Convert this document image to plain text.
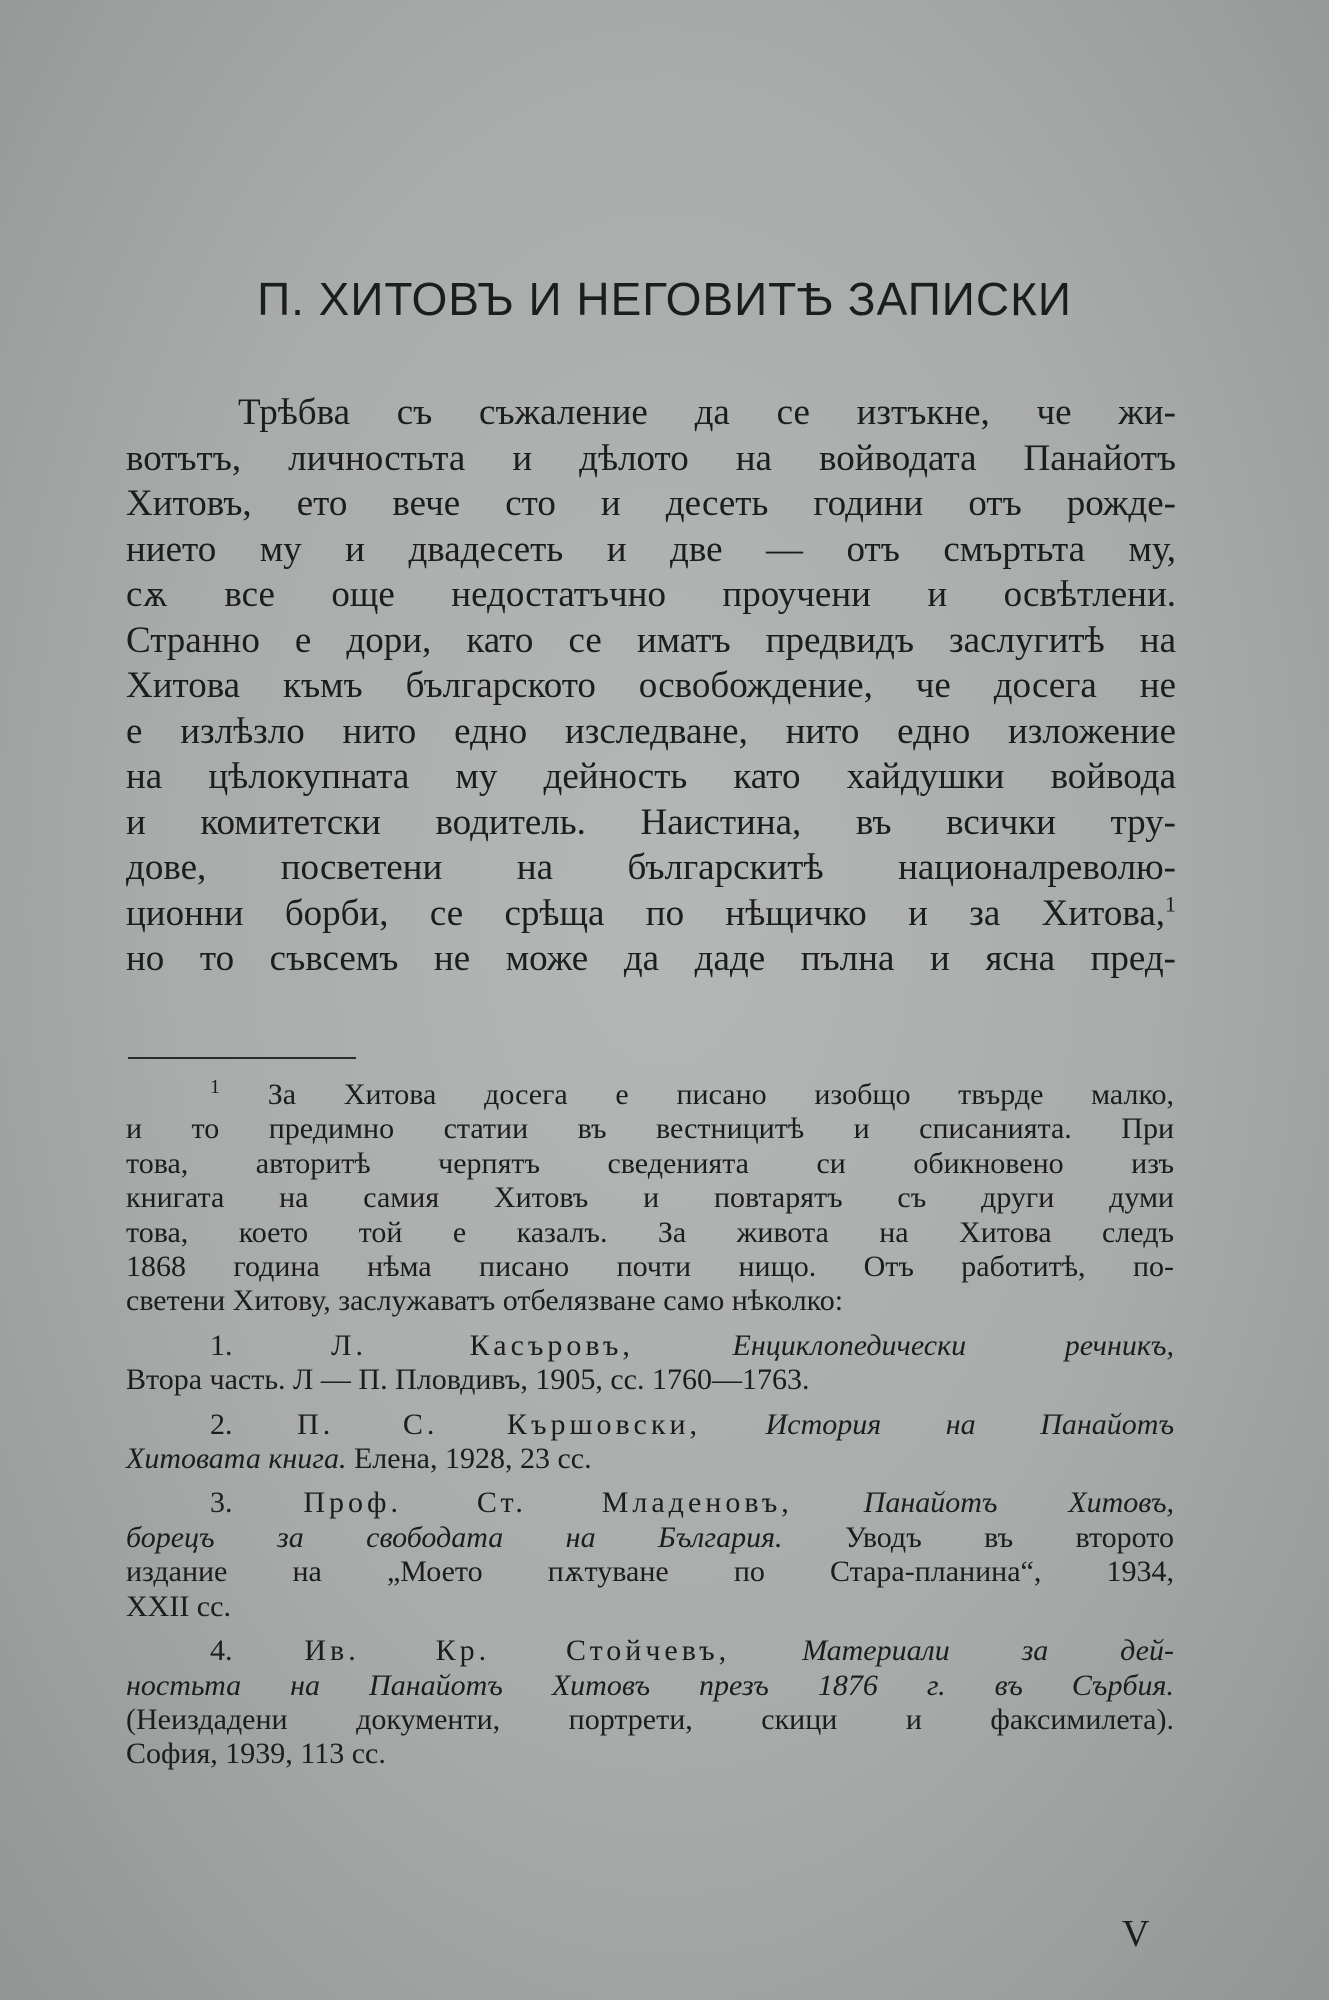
П. ХИТОВЪ И НЕГОВИТѢ ЗАПИСКИ
Трѣбва съ съжаление да се изтъкне, че жи-
вотътъ, личностьта и дѣлото на войводата Панайотъ
Хитовъ, ето вече сто и десеть години отъ рожде-
нието му и двадесеть и две — отъ смъртьта му,
сѫ все още недостатъчно проучени и освѣтлени.
Странно е дори, като се иматъ предвидъ заслугитѣ на
Хитова къмъ българското освобождение, че досега не
е излѣзло нито едно изследване, нито едно изложение
на цѣлокупната му дейность като хайдушки войвода
и комитетски водитель. Наистина, въ всички тру-
дове, посветени на българскитѣ националреволю-
ционни борби, се срѣща по нѣщичко и за Хитова,$^1$
но то съвсемъ не може да даде пълна и ясна пред-
$^1$ За Хитова досега е писано изобщо твърде малко,
и то предимно статии въ вестницитѣ и списанията. При
това, авторитѣ черпятъ сведенията си обикновено изъ
книгата на самия Хитовъ и повтарятъ съ други думи
това, което той е казалъ. За живота на Хитова следъ
1868 година нѣма писано почти нищо. Отъ работитѣ, по-
светени Хитову, заслужаватъ отбелязване само нѣколко:
1.	Л. Касъровъ,	Енциклопедически речникъ,
Втора часть. Л — П. Пловдивъ, 1905, сс. 1760—1763.
2. П. С. Кършовски, История на Панайотъ
Хитовата книга. Елена, 1928, 23 сс.
3. Проф. Ст. Младеновъ, Панайотъ Хитовъ,
борецъ за свободата на България. Уводъ въ второто
издание на „Моето пѫтуване по Стара-планина“, 1934,
XXII сс.
4. Ив. Кр. Стойчевъ, Материали за дей-
ностьта на Панайотъ Хитовъ презъ 1876 г. въ Сърбия.
(Неиздадени документи, портрети, скици и факсимилета).
София, 1939, 113 сс.
V
